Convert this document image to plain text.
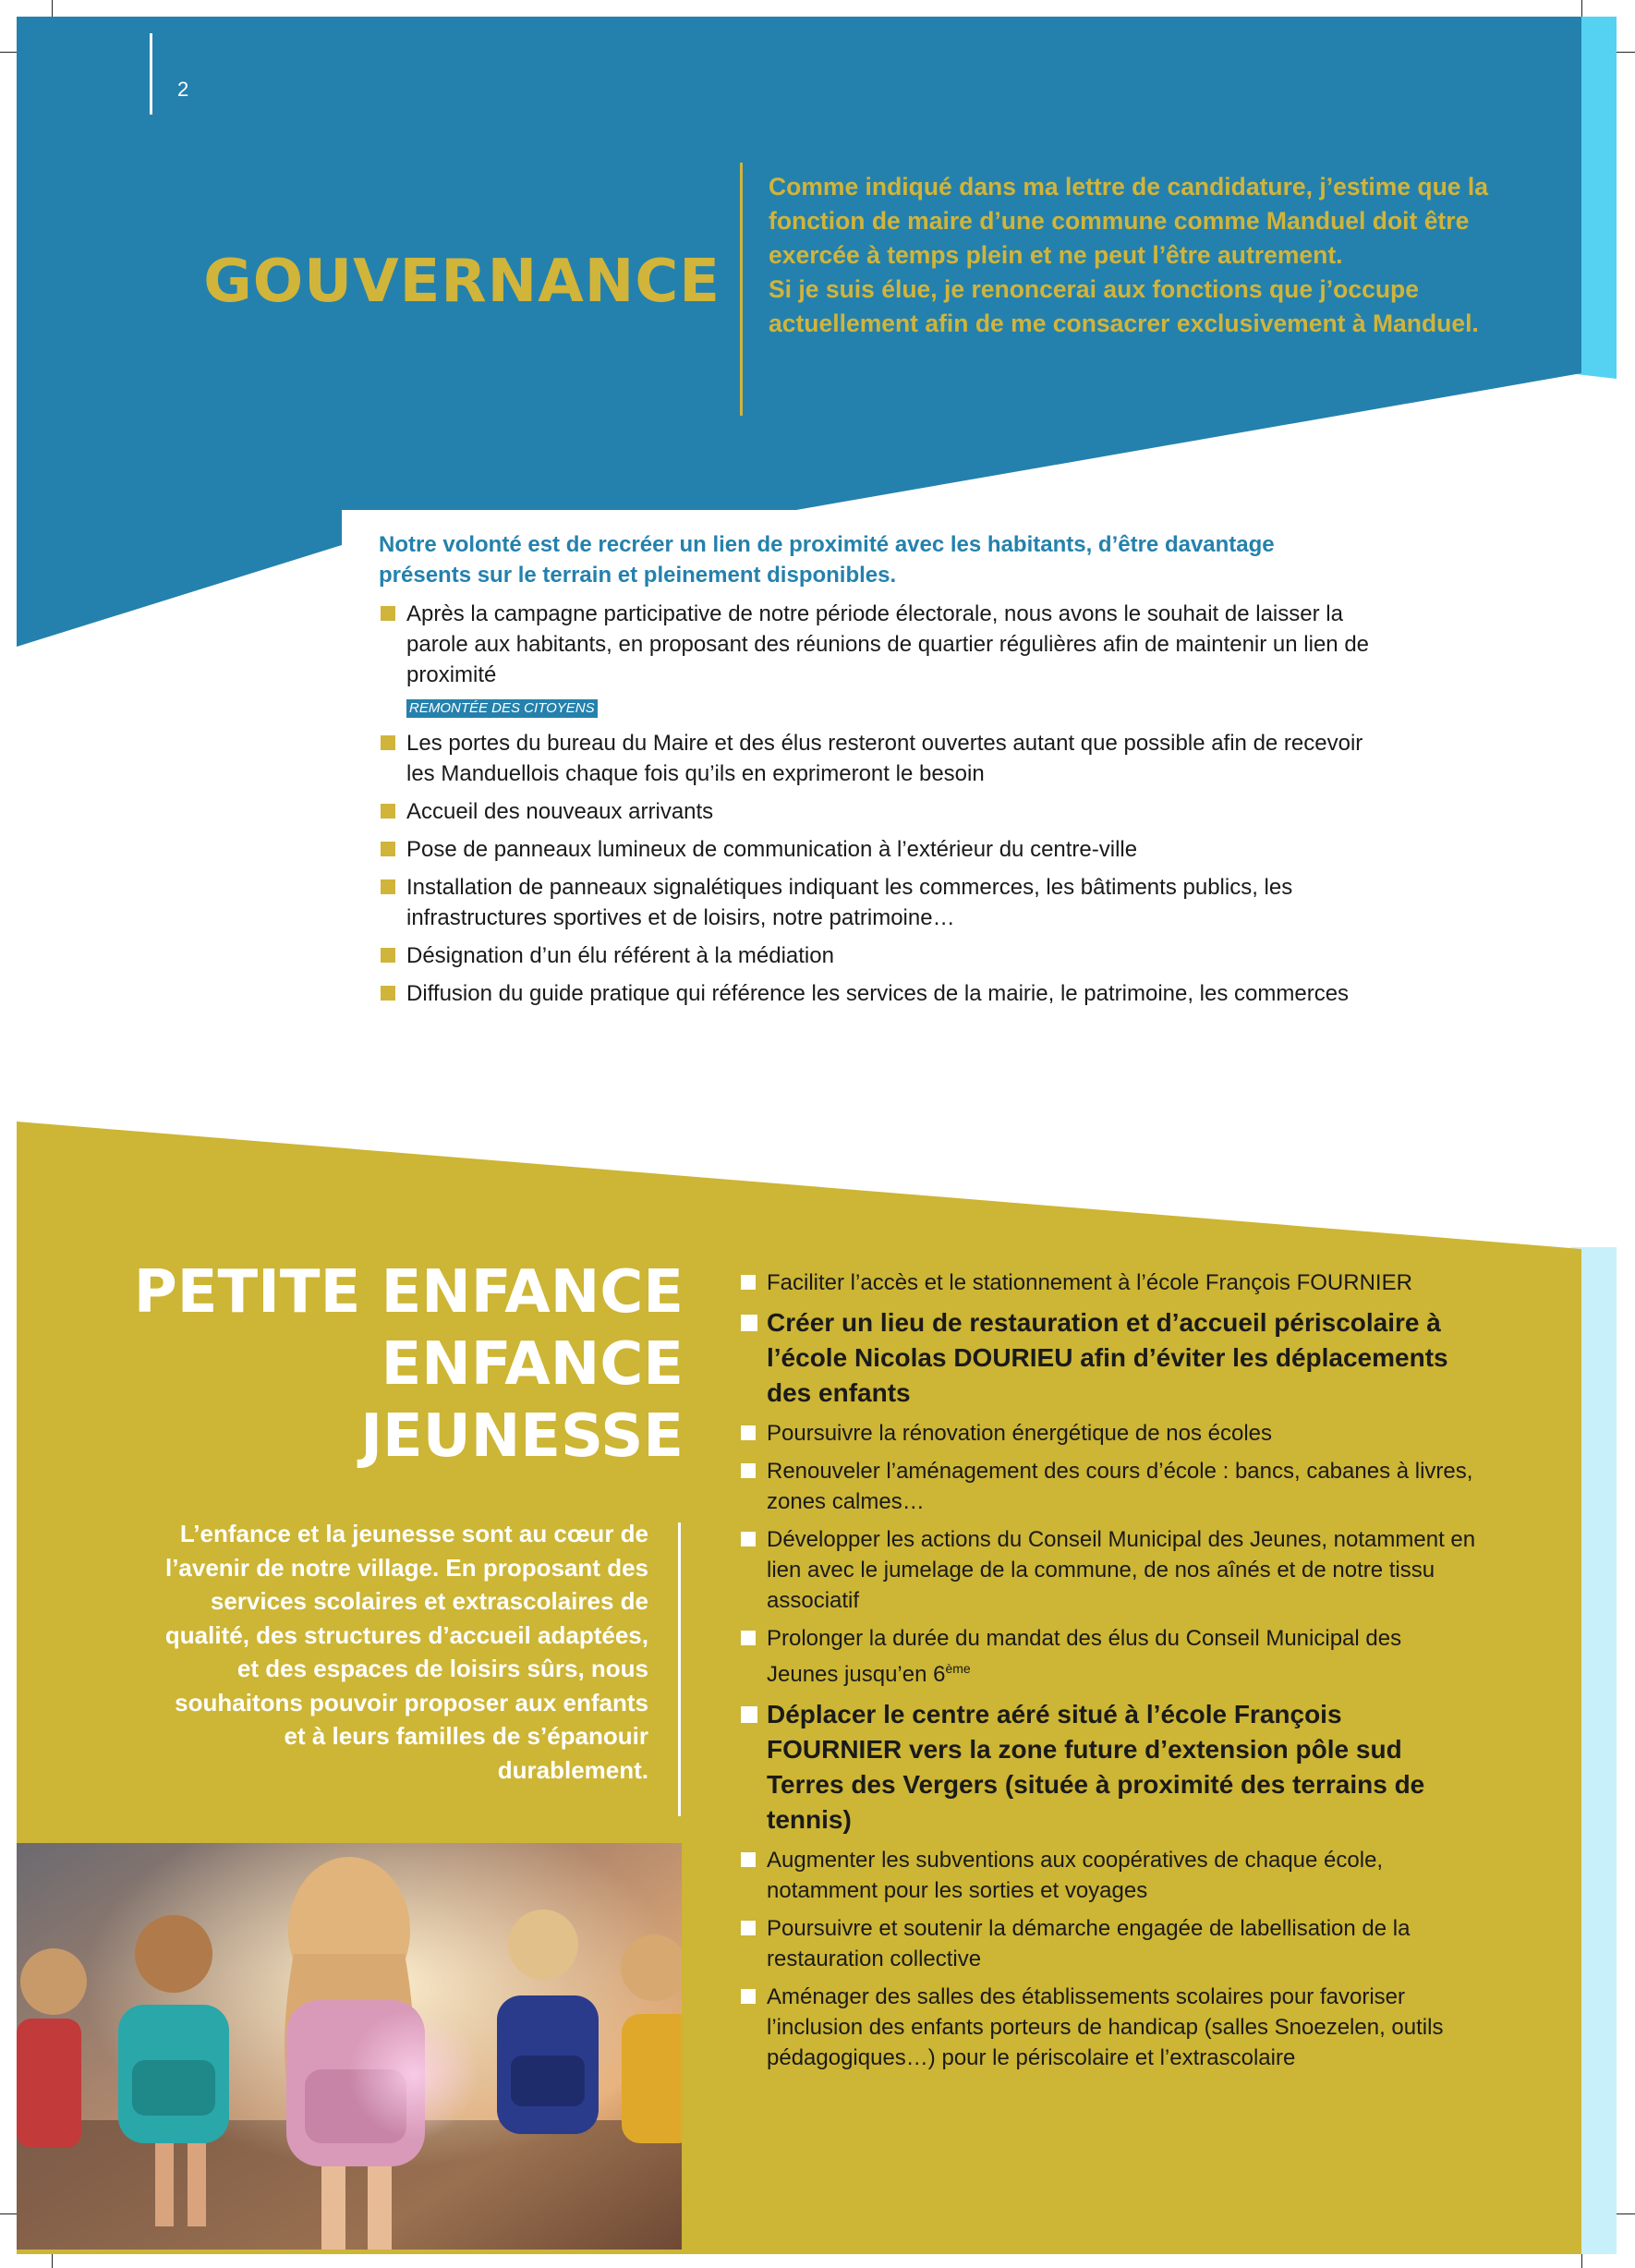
2
GOUVERNANCE

Comme indiqué dans ma lettre de candidature, j’estime que la fonction de maire d’une commune comme Manduel doit être exercée à temps plein et ne peut l’être autrement.

Si je suis élue, je renoncerai aux fonctions que j’occupe actuellement afin de me consacrer exclusivement à Manduel.

Notre volonté est de recréer un lien de proximité avec les habitants, d’être davantage présents sur le terrain et pleinement disponibles.
Après la campagne participative de notre période électorale, nous avons le souhait de laisser la parole aux habitants, en proposant des réunions de quartier régulières afin de maintenir un lien de proximité
REMONTÉE DES CITOYENS
Les portes du bureau du Maire et des élus resteront ouvertes autant que possible afin de recevoir les Manduellois chaque fois qu’ils en exprimeront le besoin
Accueil des nouveaux arrivants
Pose de panneaux lumineux de communication à l’extérieur du centre-ville
Installation de panneaux signalétiques indiquant les commerces, les bâtiments publics, les infrastructures sportives et de loisirs, notre patrimoine…
Désignation d’un élu référent à la médiation
Diffusion du guide pratique qui référence les services de la mairie, le patrimoine, les commerces
PETITE ENFANCE
ENFANCE
JEUNESSE
L’enfance et la jeunesse sont au cœur de l’avenir de notre village. En proposant des services scolaires et extrascolaires de qualité, des structures d’accueil adaptées, et des espaces de loisirs sûrs, nous souhaitons pouvoir proposer aux enfants et à leurs familles de s’épanouir durablement.
Faciliter l’accès et le stationnement à l’école François FOURNIER
Créer un lieu de restauration et d’accueil périscolaire à l’école Nicolas DOURIEU afin d’éviter les déplacements des enfants
Poursuivre la rénovation énergétique de nos écoles
Renouveler l’aménagement des cours d’école : bancs, cabanes à livres, zones calmes…
Développer les actions du Conseil Municipal des Jeunes, notamment en lien avec le jumelage de la commune, de nos aînés et de notre tissu associatif
Prolonger la durée du mandat des élus du Conseil Municipal des Jeunes jusqu’en 6ème
Déplacer le centre aéré situé à l’école François FOURNIER vers la zone future d’extension pôle sud Terres des Vergers (située à proximité des terrains de tennis)
Augmenter les subventions aux coopératives de chaque école, notamment pour les sorties et voyages
Poursuivre et soutenir la démarche engagée de labellisation de la restauration collective
Aménager des salles des établissements scolaires pour favoriser l’inclusion des enfants porteurs de handicap (salles Snoezelen, outils pédagogiques…) pour le périscolaire et l’extrascolaire
